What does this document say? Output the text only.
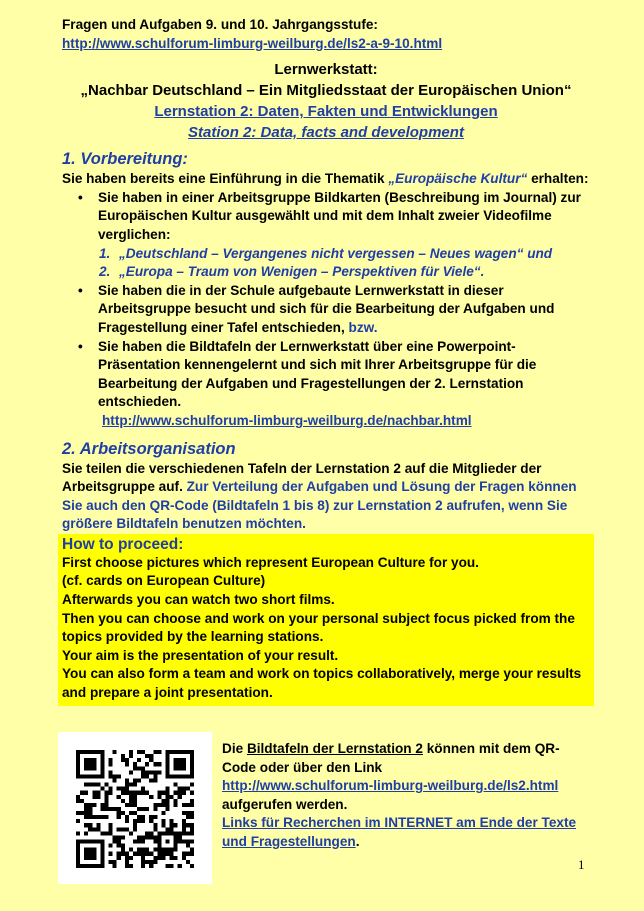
Fragen und Aufgaben 9. und 10. Jahrgangsstufe:
http://www.schulforum-limburg-weilburg.de/ls2-a-9-10.html
Lernwerkstatt:
„Nachbar Deutschland – Ein Mitgliedsstaat der Europäischen Union“
Lernstation 2: Daten, Fakten und Entwicklungen
Station 2: Data, facts and development
1. Vorbereitung:
Sie haben bereits eine Einführung in die Thematik „Europäische Kultur“ erhalten:
• Sie haben in einer Arbeitsgruppe Bildkarten (Beschreibung im Journal) zur Europäischen Kultur ausgewählt und mit dem Inhalt zweier Videofilme verglichen:
1. „Deutschland – Vergangenes nicht vergessen – Neues wagen“ und
2. „Europa – Traum von Wenigen – Perspektiven für Viele“.
• Sie haben die in der Schule aufgebaute Lernwerkstatt in dieser Arbeitsgruppe besucht und sich für die Bearbeitung der Aufgaben und Fragestellung einer Tafel entschieden, bzw.
• Sie haben die Bildtafeln der Lernwerkstatt über eine Powerpoint-Präsentation kennengelernt und sich mit Ihrer Arbeitsgruppe für die Bearbeitung der Aufgaben und Fragestellungen der 2. Lernstation entschieden.
http://www.schulforum-limburg-weilburg.de/nachbar.html
2. Arbeitsorganisation
Sie teilen die verschiedenen Tafeln der Lernstation 2 auf die Mitglieder der Arbeitsgruppe auf. Zur Verteilung der Aufgaben und Lösung der Fragen können Sie auch den QR-Code (Bildtafeln 1 bis 8) zur Lernstation 2 aufrufen, wenn Sie größere Bildtafeln benutzen möchten.
How to proceed:
First choose pictures which represent European Culture for you.
(cf. cards on European Culture)
Afterwards you can watch two short films.
Then you can choose and work on your personal subject focus picked from the topics provided by the learning stations.
Your aim is the presentation of your result.
You can also form a team and work on topics collaboratively, merge your results and prepare a joint presentation.
Die Bildtafeln der Lernstation 2 können mit dem QR-Code oder über den Link
http://www.schulforum-limburg-weilburg.de/ls2.html
aufgerufen werden.
Links für Recherchen im INTERNET am Ende der Texte und Fragestellungen.
1
